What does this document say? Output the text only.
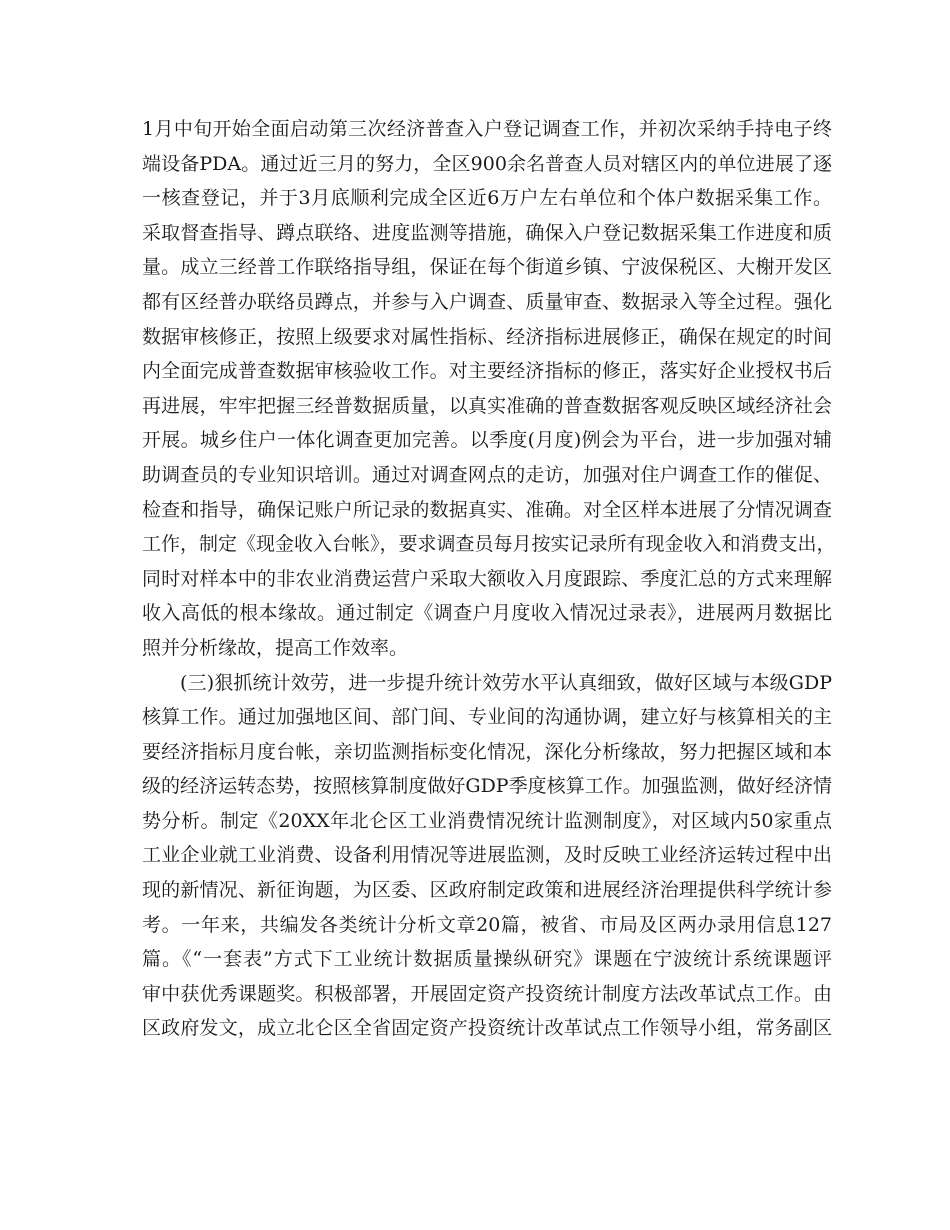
1月中旬开始全面启动第三次经济普查入户登记调查工作，并初次采纳手持电子终
端设备PDA。通过近三月的努力，全区900余名普查人员对辖区内的单位进展了逐
一核查登记，并于3月底顺利完成全区近6万户左右单位和个体户数据采集工作。
采取督查指导、蹲点联络、进度监测等措施，确保入户登记数据采集工作进度和质
量。成立三经普工作联络指导组，保证在每个街道乡镇、宁波保税区、大榭开发区
都有区经普办联络员蹲点，并参与入户调查、质量审查、数据录入等全过程。强化
数据审核修正，按照上级要求对属性指标、经济指标进展修正，确保在规定的时间
内全面完成普查数据审核验收工作。对主要经济指标的修正，落实好企业授权书后
再进展，牢牢把握三经普数据质量，以真实准确的普查数据客观反映区域经济社会
开展。城乡住户一体化调查更加完善。以季度(月度)例会为平台，进一步加强对辅
助调查员的专业知识培训。通过对调查网点的走访，加强对住户调查工作的催促、
检查和指导，确保记账户所记录的数据真实、准确。对全区样本进展了分情况调查
工作，制定《现金收入台帐》，要求调查员每月按实记录所有现金收入和消费支出，
同时对样本中的非农业消费运营户采取大额收入月度跟踪、季度汇总的方式来理解
收入高低的根本缘故。通过制定《调查户月度收入情况过录表》，进展两月数据比
照并分析缘故，提高工作效率。
(三)狠抓统计效劳，进一步提升统计效劳水平认真细致，做好区域与本级GDP
核算工作。通过加强地区间、部门间、专业间的沟通协调，建立好与核算相关的主
要经济指标月度台帐，亲切监测指标变化情况，深化分析缘故，努力把握区域和本
级的经济运转态势，按照核算制度做好GDP季度核算工作。加强监测，做好经济情
势分析。制定《20XX年北仑区工业消费情况统计监测制度》，对区域内50家重点
工业企业就工业消费、设备利用情况等进展监测，及时反映工业经济运转过程中出
现的新情况、新征询题，为区委、区政府制定政策和进展经济治理提供科学统计参
考。一年来，共编发各类统计分析文章20篇，被省、市局及区两办录用信息127
篇。《“一套表”方式下工业统计数据质量操纵研究》课题在宁波统计系统课题评
审中获优秀课题奖。积极部署，开展固定资产投资统计制度方法改革试点工作。由
区政府发文，成立北仑区全省固定资产投资统计改革试点工作领导小组，常务副区
